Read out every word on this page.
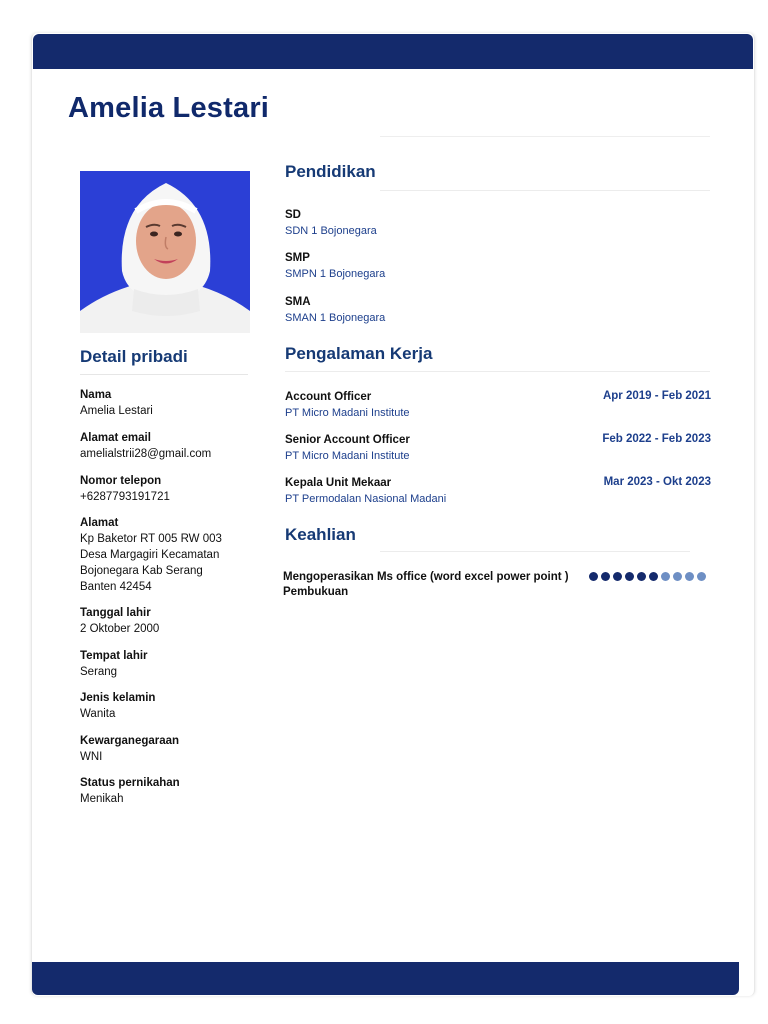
Amelia Lestari
Detail pribadi
Nama
Amelia Lestari
Alamat email
amelialstrii28@gmail.com
Nomor telepon
+6287793191721
Alamat
Kp Baketor RT 005 RW 003
Desa Margagiri Kecamatan
Bojonegara Kab Serang
Banten 42454
Tanggal lahir
2 Oktober 2000
Tempat lahir
Serang
Jenis kelamin
Wanita
Kewarganegaraan
WNI
Status pernikahan
Menikah
Pendidikan
SD
SDN 1 Bojonegara
SMP
SMPN 1 Bojonegara
SMA
SMAN 1 Bojonegara
Pengalaman Kerja
Account Officer
PT Micro Madani Institute
Apr 2019 - Feb 2021
Senior Account Officer
PT Micro Madani Institute
Feb 2022 - Feb 2023
Kepala Unit Mekaar
PT Permodalan Nasional Madani
Mar 2023 - Okt 2023
Keahlian
Mengoperasikan Ms office (word excel power point )
Pembukuan
